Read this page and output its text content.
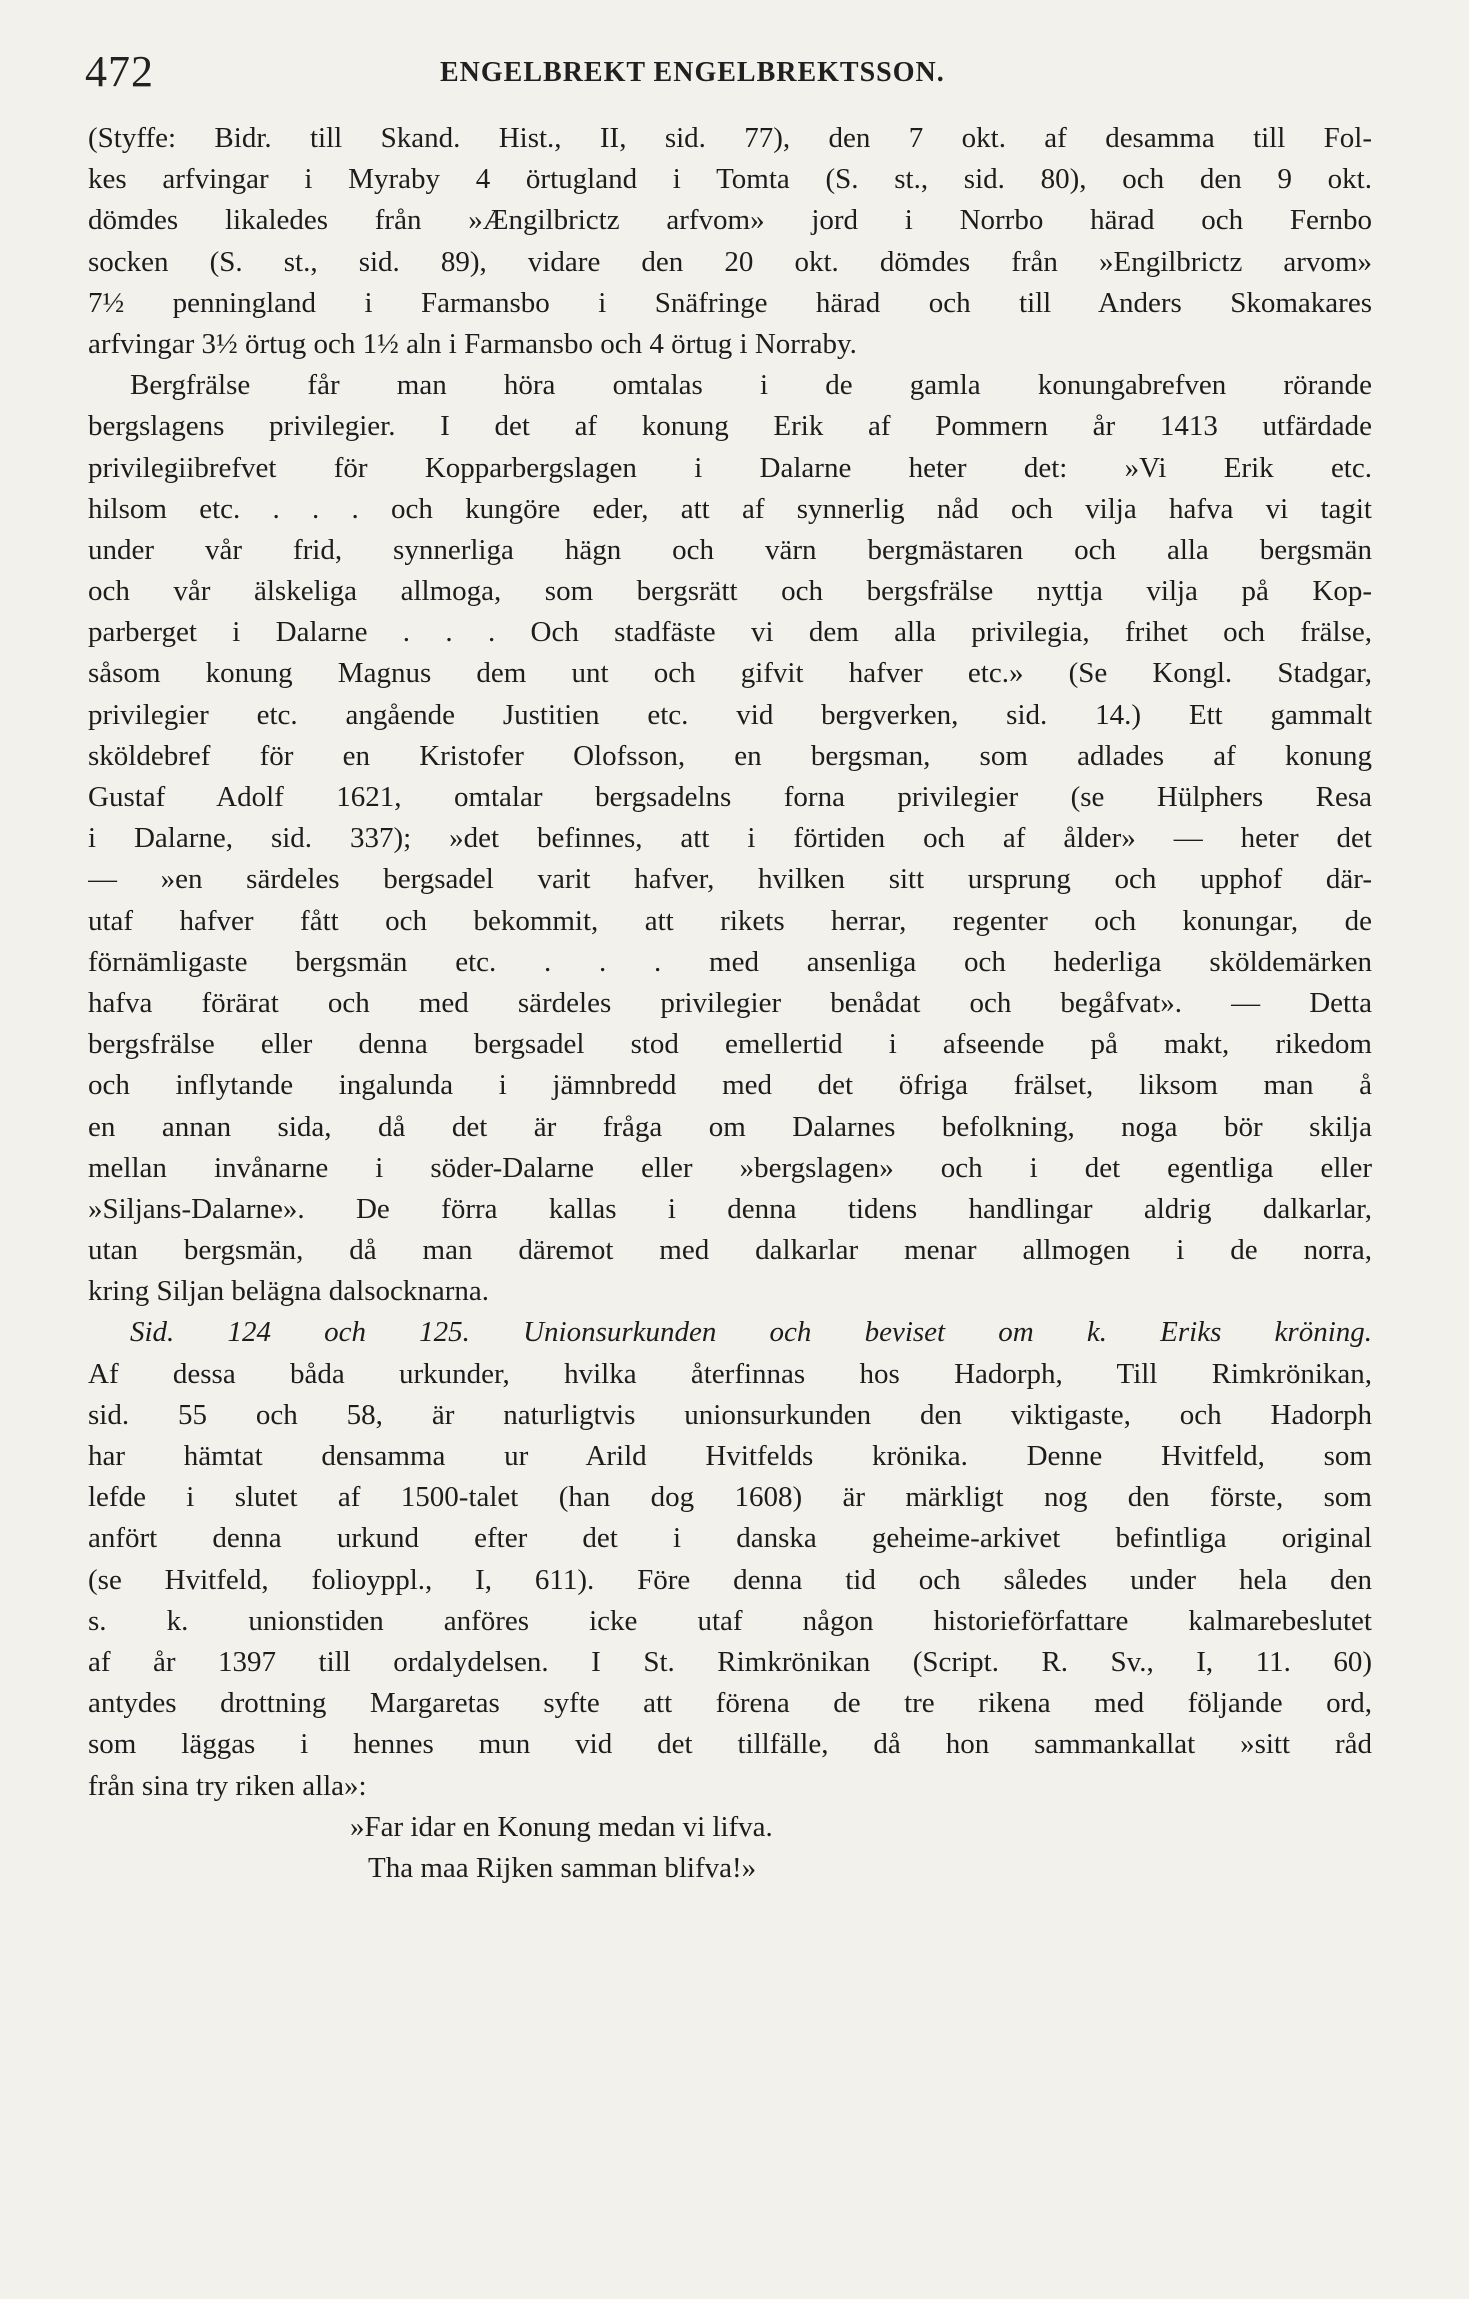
472	ENGELBREKT ENGELBREKTSSON.
(Styffe: Bidr. till Skand. Hist., II, sid. 77), den 7 okt. af desamma till Fol-
kes arfvingar i Myraby 4 örtugland i Tomta (S. st., sid. 80), och den 9 okt.
dömdes likaledes från »Ængilbrictz arfvom» jord i Norrbo härad och Fernbo
socken (S. st., sid. 89), vidare den 20 okt. dömdes från »Engilbrictz arvom»
7½ penningland i Farmansbo i Snäfringe härad och till Anders Skomakares
arfvingar 3½ örtug och 1½ aln i Farmansbo och 4 örtug i Norraby.
Bergfrälse får man höra omtalas i de gamla konungabrefven rörande
bergslagens privilegier. I det af konung Erik af Pommern år 1413 utfärdade
privilegiibrefvet för Kopparbergslagen i Dalarne heter det: »Vi Erik etc.
hilsom etc. . . . och kungöre eder, att af synnerlig nåd och vilja hafva vi tagit
under vår frid, synnerliga hägn och värn bergmästaren och alla bergsmän
och vår älskeliga allmoga, som bergsrätt och bergsfrälse nyttja vilja på Kop-
parberget i Dalarne . . . Och stadfäste vi dem alla privilegia, frihet och frälse,
såsom konung Magnus dem unt och gifvit hafver etc.» (Se Kongl. Stadgar,
privilegier etc. angående Justitien etc. vid bergverken, sid. 14.) Ett gammalt
sköldebref för en Kristofer Olofsson, en bergsman, som adlades af konung
Gustaf Adolf 1621, omtalar bergsadelns forna privilegier (se Hülphers Resa
i Dalarne, sid. 337); »det befinnes, att i förtiden och af ålder» — heter det
— »en särdeles bergsadel varit hafver, hvilken sitt ursprung och upphof där-
utaf hafver fått och bekommit, att rikets herrar, regenter och konungar, de
förnämligaste bergsmän etc. . . . med ansenliga och hederliga sköldemärken
hafva förärat och med särdeles privilegier benådat och begåfvat». — Detta
bergsfrälse eller denna bergsadel stod emellertid i afseende på makt, rikedom
och inflytande ingalunda i jämnbredd med det öfriga frälset, liksom man å
en annan sida, då det är fråga om Dalarnes befolkning, noga bör skilja
mellan invånarne i söder-Dalarne eller »bergslagen» och i det egentliga eller
»Siljans-Dalarne». De förra kallas i denna tidens handlingar aldrig dalkarlar,
utan bergsmän, då man däremot med dalkarlar menar allmogen i de norra,
kring Siljan belägna dalsocknarna.
Sid. 124 och 125. Unionsurkunden och beviset om k. Eriks kröning.
Af dessa båda urkunder, hvilka återfinnas hos Hadorph, Till Rimkrönikan,
sid. 55 och 58, är naturligtvis unionsurkunden den viktigaste, och Hadorph
har hämtat densamma ur Arild Hvitfelds krönika. Denne Hvitfeld, som
lefde i slutet af 1500-talet (han dog 1608) är märkligt nog den förste, som
anfört denna urkund efter det i danska geheime-arkivet befintliga original
(se Hvitfeld, folioуppl., I, 611). Före denna tid och således under hela den
s. k. unionstiden anföres icke utaf någon historieförfattare kalmarebeslutet
af år 1397 till ordalydelsen. I St. Rimkrönikan (Script. R. Sv., I, 11. 60)
antydes drottning Margaretas syfte att förena de tre rikena med följande ord,
som läggas i hennes mun vid det tillfälle, då hon sammankallat »sitt råd
från sina try riken alla»:
»Far idar en Konung medan vi lifva.
Tha maa Rijken samman blifva!»
